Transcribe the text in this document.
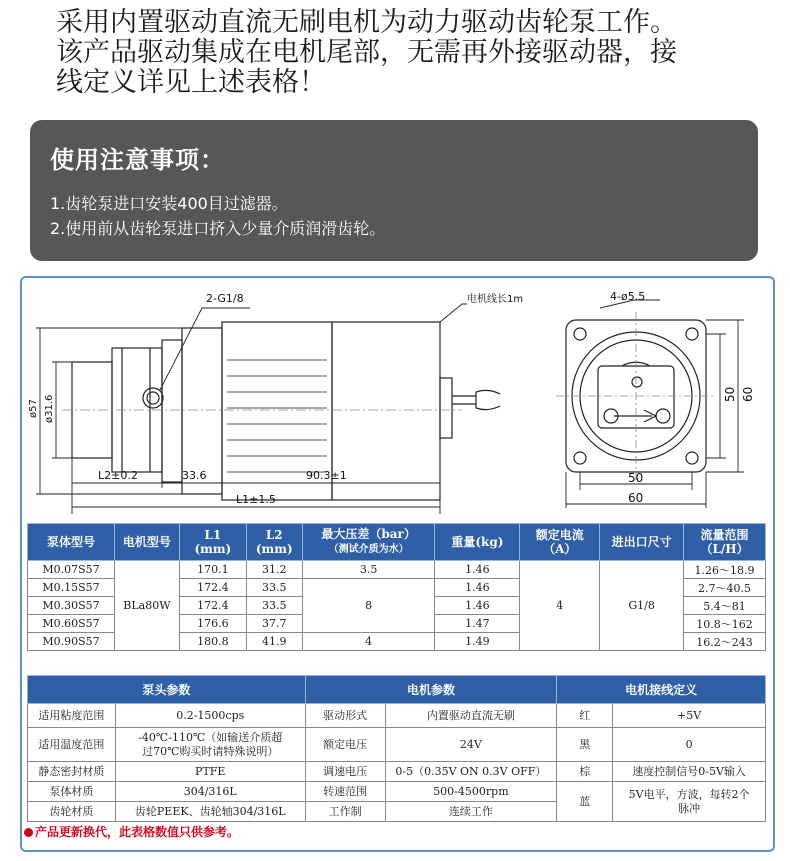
采用内置驱动直流无刷电机为动力驱动齿轮泵工作。
该产品驱动集成在电机尾部，无需再外接驱动器，接
线定义详见上述表格！
使用注意事项：
1.齿轮泵进口安装400目过滤器。
2.使用前从齿轮泵进口挤入少量介质润滑齿轮。
2-G1/8	电机线长1m	4-ø5.5
ø57 ø31.6
L2±0.2	33.6	90.3±1
L1±1.5
50
60
50 60
泵体型号	电机型号	L1
(mm)	L2
(mm)	最大压差（bar）
（测试介质为水）	重量(kg)	额定电流
（A）	进出口尺寸	流量范围
（L/H）
M0.07S57	BLa80W	170.1	31.2	3.5	1.46	4	G1/8	1.26～18.9
M0.15S57		172.4	33.5	8	1.46			2.7～40.5
M0.30S57		172.4	33.5		1.46			5.4～81
M0.60S57		176.6	37.7		1.47			10.8～162
M0.90S57		180.8	41.9	4	1.49			16.2～243
泵头参数		电机参数		电机接线定义	
适用粘度范围	0.2-1500cps	驱动形式	内置驱动直流无刷	红	+5V
适用温度范围	-40℃-110℃（如输送介质超
过70℃购买时请特殊说明）	额定电压	24V	黑	0
静态密封材质	PTFE	调速电压	0-5（0.35V ON 0.3V OFF）	棕	速度控制信号0-5V输入
泵体材质	304/316L	转速范围	500-4500rpm	蓝	5V电平，方波，每转2个
脉冲
齿轮材质	齿轮PEEK、齿轮轴304/316L	工作制	连续工作		
产品更新换代，此表格数值只供参考。
